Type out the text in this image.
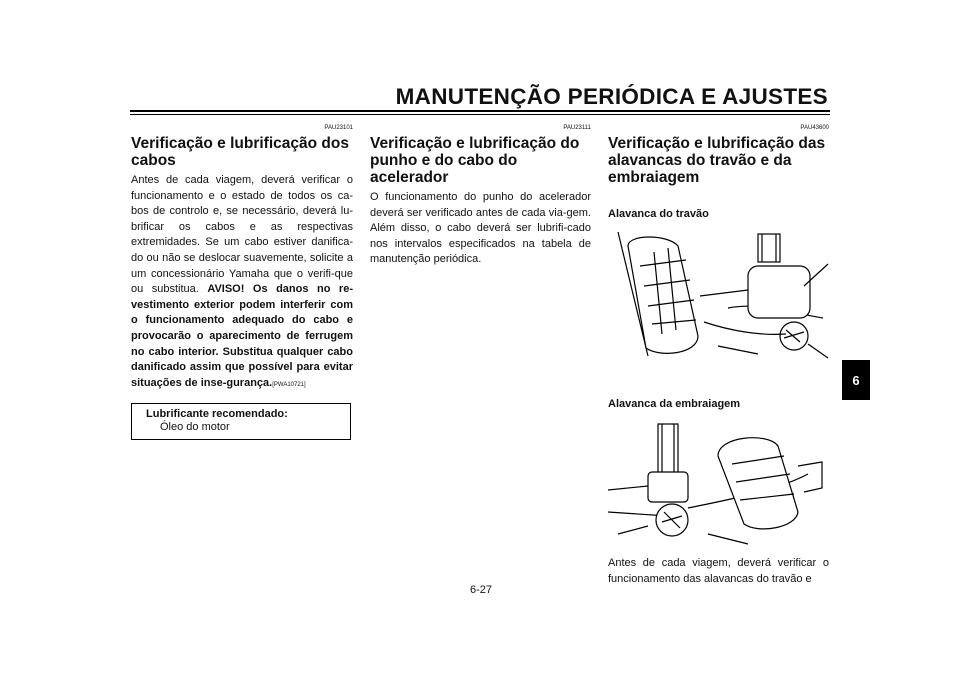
MANUTENÇÃO PERIÓDICA E AJUSTES
6
PAU23101
Verificação e lubrificação dos cabos

Antes de cada viagem, deverá verificar o funcionamento e o estado de todos os ca-bos de controlo e, se necessário, deverá lu-brificar os cabos e as respectivas extremidades. Se um cabo estiver danifica-do ou não se deslocar suavemente, solicite a um concessionário Yamaha que o verifi-que ou substitua. AVISO! Os danos no re-vestimento exterior podem interferir com o funcionamento adequado do cabo e provocarão o aparecimento de ferrugem no cabo interior. Substitua qualquer cabo danificado assim que possível para evitar situações de inse-gurança.[PWA10721]

Lubrificante recomendado:
Óleo do motor
PAU23111
Verificação e lubrificação do punho e do cabo do acelerador

O funcionamento do punho do acelerador deverá ser verificado antes de cada via-gem. Além disso, o cabo deverá ser lubrifi-cado nos intervalos especificados na tabela de manutenção periódica.

PAU43600
Verificação e lubrificação das alavancas do travão e da embraiagem
Alavanca do travão
Alavanca da embraiagem

Antes de cada viagem, deverá verificar o funcionamento das alavancas do travão e

6-27
